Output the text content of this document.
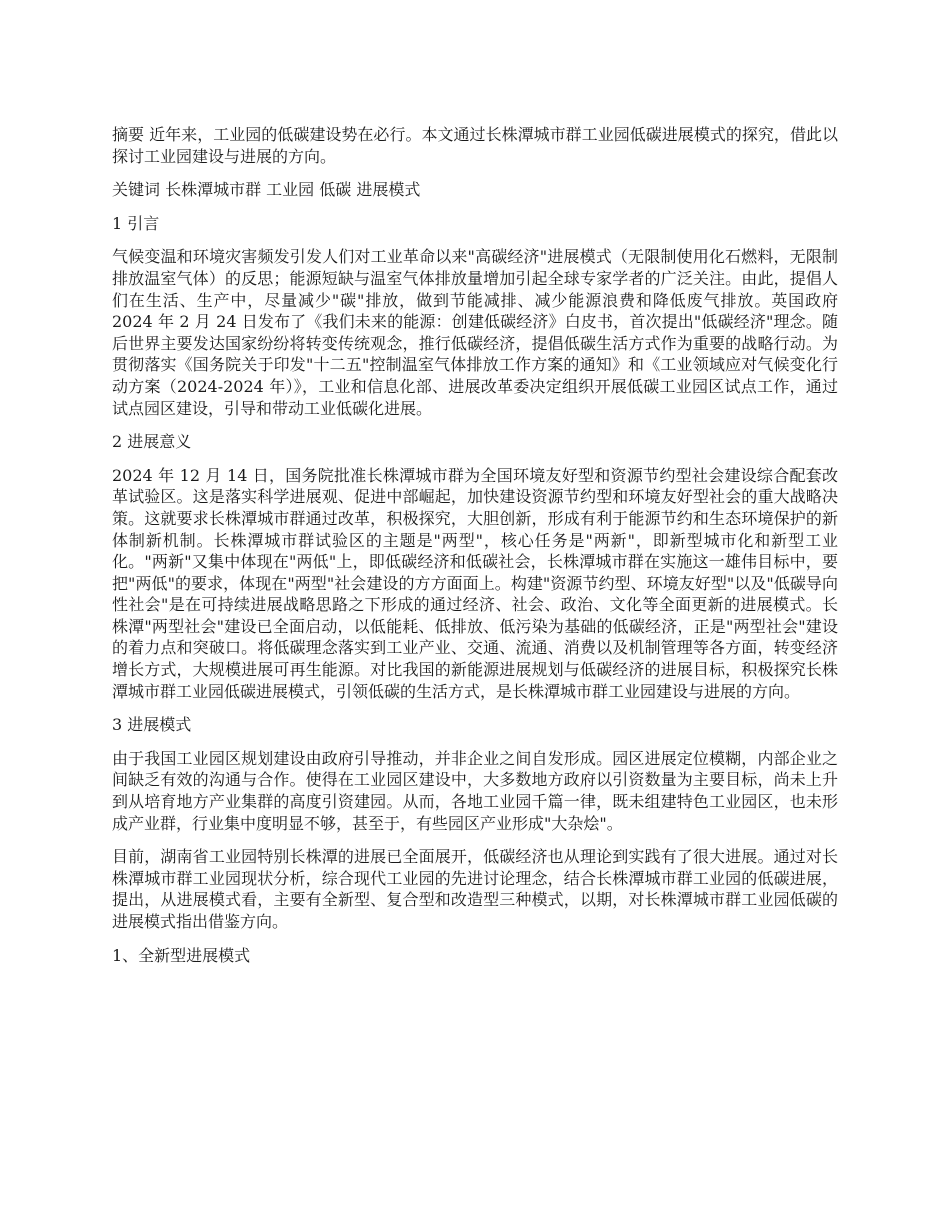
摘要 近年来，工业园的低碳建设势在必行。本文通过长株潭城市群工业园低碳进展模式的探究，借此以探讨工业园建设与进展的方向。

关键词 长株潭城市群 工业园 低碳 进展模式

1 引言

气候变温和环境灾害频发引发人们对工业革命以来"高碳经济"进展模式（无限制使用化石燃料，无限制排放温室气体）的反思；能源短缺与温室气体排放量增加引起全球专家学者的广泛关注。由此，提倡人们在生活、生产中，尽量减少"碳"排放，做到节能减排、减少能源浪费和降低废气排放。英国政府 2024 年 2 月 24 日发布了《我们未来的能源：创建低碳经济》白皮书，首次提出"低碳经济"理念。随后世界主要发达国家纷纷将转变传统观念，推行低碳经济，提倡低碳生活方式作为重要的战略行动。为贯彻落实《国务院关于印发"十二五"控制温室气体排放工作方案的通知》和《工业领域应对气候变化行动方案（2024-2024 年）》，工业和信息化部、进展改革委决定组织开展低碳工业园区试点工作，通过试点园区建设，引导和带动工业低碳化进展。

2 进展意义

2024 年 12 月 14 日，国务院批准长株潭城市群为全国环境友好型和资源节约型社会建设综合配套改革试验区。这是落实科学进展观、促进中部崛起，加快建设资源节约型和环境友好型社会的重大战略决策。这就要求长株潭城市群通过改革，积极探究，大胆创新，形成有利于能源节约和生态环境保护的新体制新机制。长株潭城市群试验区的主题是"两型"，核心任务是"两新"，即新型城市化和新型工业化。"两新"又集中体现在"两低"上，即低碳经济和低碳社会，长株潭城市群在实施这一雄伟目标中，要把"两低"的要求，体现在"两型"社会建设的方方面面上。构建"资源节约型、环境友好型"以及"低碳导向性社会"是在可持续进展战略思路之下形成的通过经济、社会、政治、文化等全面更新的进展模式。长株潭"两型社会"建设已全面启动，以低能耗、低排放、低污染为基础的低碳经济，正是"两型社会"建设的着力点和突破口。将低碳理念落实到工业产业、交通、流通、消费以及机制管理等各方面，转变经济增长方式，大规模进展可再生能源。对比我国的新能源进展规划与低碳经济的进展目标，积极探究长株潭城市群工业园低碳进展模式，引领低碳的生活方式，是长株潭城市群工业园建设与进展的方向。

3 进展模式

由于我国工业园区规划建设由政府引导推动，并非企业之间自发形成。园区进展定位模糊，内部企业之间缺乏有效的沟通与合作。使得在工业园区建设中，大多数地方政府以引资数量为主要目标，尚未上升到从培育地方产业集群的高度引资建园。从而，各地工业园千篇一律，既未组建特色工业园区，也未形成产业群，行业集中度明显不够，甚至于，有些园区产业形成"大杂烩"。

目前，湖南省工业园特别长株潭的进展已全面展开，低碳经济也从理论到实践有了很大进展。通过对长株潭城市群工业园现状分析，综合现代工业园的先进讨论理念，结合长株潭城市群工业园的低碳进展，提出，从进展模式看，主要有全新型、复合型和改造型三种模式，以期，对长株潭城市群工业园低碳的进展模式指出借鉴方向。

1、全新型进展模式
